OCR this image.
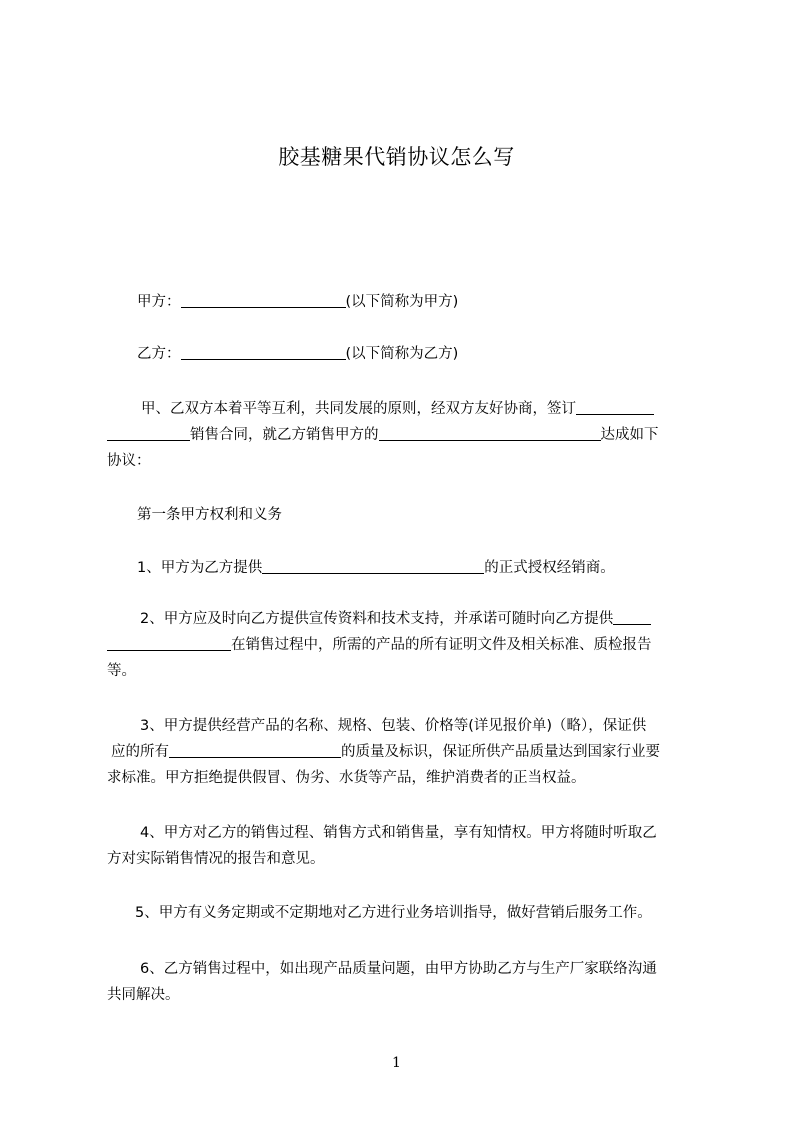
胶基糖果代销协议怎么写
甲方：	(以下简称为甲方)
乙方：	(以下简称为乙方)
甲、乙双方本着平等互利，共同发展的原则，经双方友好协商，签订
销售合同，就乙方销售甲方的	达成如下
协议：
第一条甲方权利和义务
1、甲方为乙方提供	的正式授权经销商。
2、甲方应及时向乙方提供宣传资料和技术支持，并承诺可随时向乙方提供
在销售过程中，所需的产品的所有证明文件及相关标准、质检报告
等。
3、甲方提供经营产品的名称、规格、包装、价格等(详见报价单)（略），保证供
应的所有	的质量及标识，保证所供产品质量达到国家行业要
求标准。甲方拒绝提供假冒、伪劣、水货等产品，维护消费者的正当权益。
4、甲方对乙方的销售过程、销售方式和销售量，享有知情权。甲方将随时听取乙
方对实际销售情况的报告和意见。
5、甲方有义务定期或不定期地对乙方进行业务培训指导，做好营销后服务工作。
6、乙方销售过程中，如出现产品质量问题，由甲方协助乙方与生产厂家联络沟通
共同解决。
1
